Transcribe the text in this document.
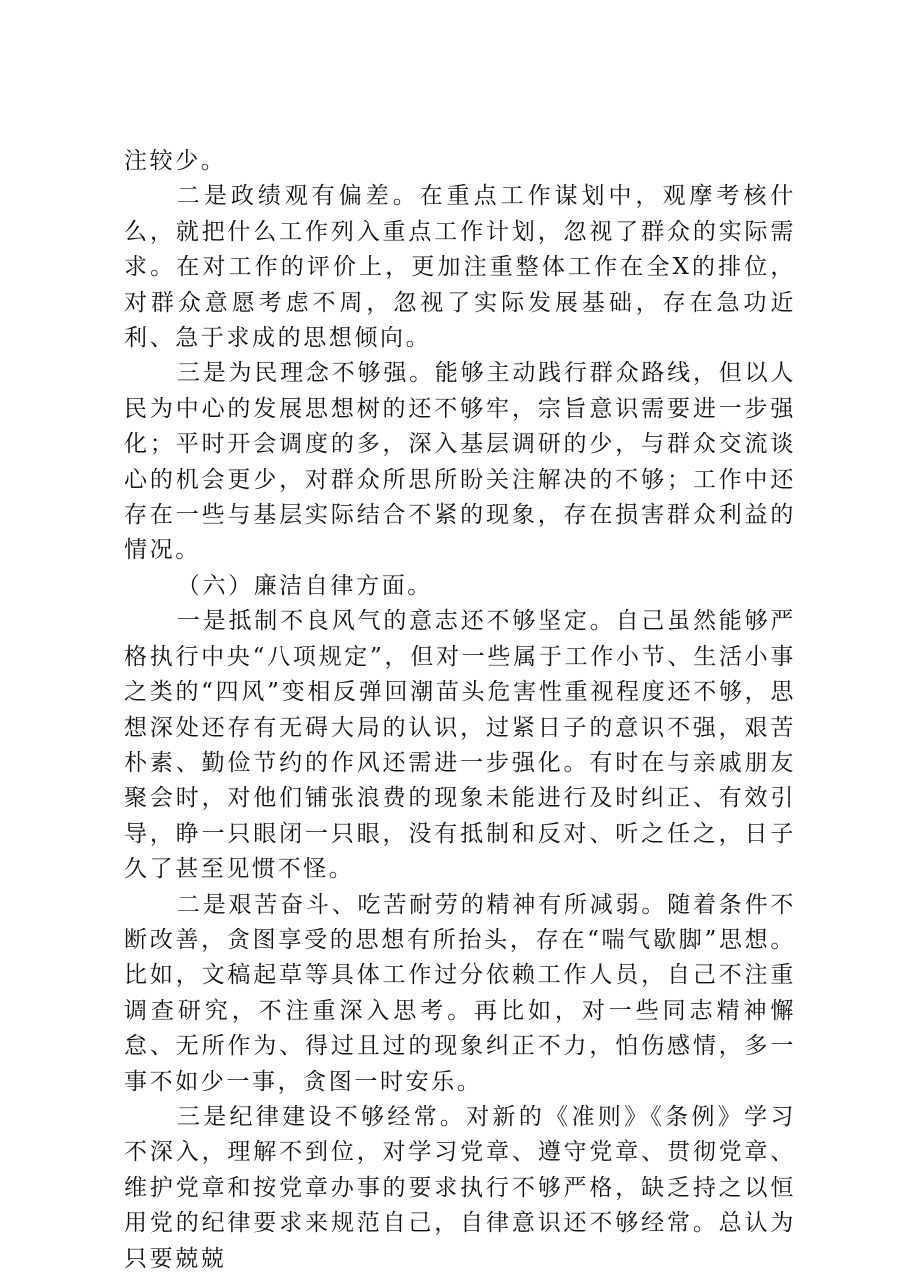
注较少。

二是政绩观有偏差。在重点工作谋划中，观摩考核什么，就把什么工作列入重点工作计划，忽视了群众的实际需求。在对工作的评价上，更加注重整体工作在全X的排位，对群众意愿考虑不周，忽视了实际发展基础，存在急功近利、急于求成的思想倾向。

三是为民理念不够强。能够主动践行群众路线，但以人民为中心的发展思想树的还不够牢，宗旨意识需要进一步强化；平时开会调度的多，深入基层调研的少，与群众交流谈心的机会更少，对群众所思所盼关注解决的不够；工作中还存在一些与基层实际结合不紧的现象，存在损害群众利益的情况。

（六）廉洁自律方面。

一是抵制不良风气的意志还不够坚定。自己虽然能够严格执行中央“八项规定”，但对一些属于工作小节、生活小事之类的“四风”变相反弹回潮苗头危害性重视程度还不够，思想深处还存有无碍大局的认识，过紧日子的意识不强，艰苦朴素、勤俭节约的作风还需进一步强化。有时在与亲戚朋友聚会时，对他们铺张浪费的现象未能进行及时纠正、有效引导，睁一只眼闭一只眼，没有抵制和反对、听之任之，日子久了甚至见惯不怪。

二是艰苦奋斗、吃苦耐劳的精神有所减弱。随着条件不断改善，贪图享受的思想有所抬头，存在“喘气歇脚”思想。比如，文稿起草等具体工作过分依赖工作人员，自己不注重调查研究，不注重深入思考。再比如，对一些同志精神懈怠、无所作为、得过且过的现象纠正不力，怕伤感情，多一事不如少一事，贪图一时安乐。

三是纪律建设不够经常。对新的《准则》《条例》学习不深入，理解不到位，对学习党章、遵守党章、贯彻党章、维护党章和按党章办事的要求执行不够严格，缺乏持之以恒用党的纪律要求来规范自己，自律意识还不够经常。总认为只要兢兢
